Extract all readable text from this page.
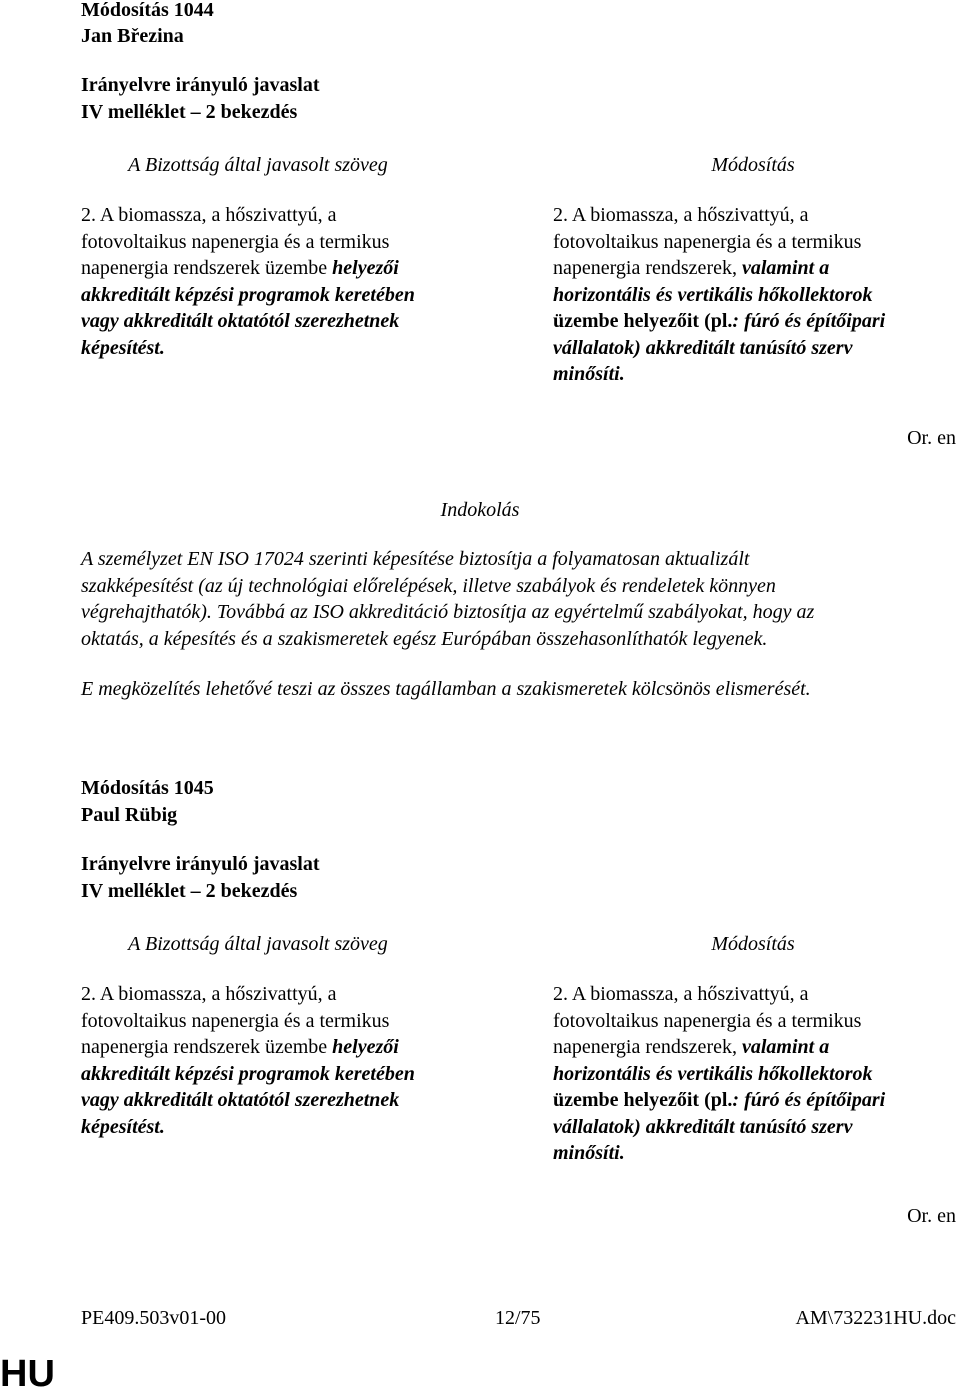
Módosítás 1044
Jan Březina
Irányelvre irányuló javaslat
IV melléklet – 2 bekezdés
A Bizottság által javasolt szöveg	Módosítás
2. A biomassza, a hőszivattyú, a
fotovoltaikus napenergia és a termikus
napenergia rendszerek üzembe helyezői
akkreditált képzési programok keretében
vagy akkreditált oktatótól szerezhetnek
képesítést.
2. A biomassza, a hőszivattyú, a
fotovoltaikus napenergia és a termikus
napenergia rendszerek, valamint a
horizontális és vertikális hőkollektorok
üzembe helyezőit (pl.: fúró és építőipari
vállalatok) akkreditált tanúsító szerv
minősíti.
Or. en
Indokolás
A személyzet EN ISO 17024 szerinti képesítése biztosítja a folyamatosan aktualizált
szakképesítést (az új technológiai előrelépések, illetve szabályok és rendeletek könnyen
végrehajthatók). Továbbá az ISO akkreditáció biztosítja az egyértelmű szabályokat, hogy az
oktatás, a képesítés és a szakismeretek egész Európában összehasonlíthatók legyenek.
E megközelítés lehetővé teszi az összes tagállamban a szakismeretek kölcsönös elismerését.
Módosítás 1045
Paul Rübig
Irányelvre irányuló javaslat
IV melléklet – 2 bekezdés
A Bizottság által javasolt szöveg	Módosítás
2. A biomassza, a hőszivattyú, a
fotovoltaikus napenergia és a termikus
napenergia rendszerek üzembe helyezői
akkreditált képzési programok keretében
vagy akkreditált oktatótól szerezhetnek
képesítést.
2. A biomassza, a hőszivattyú, a
fotovoltaikus napenergia és a termikus
napenergia rendszerek, valamint a
horizontális és vertikális hőkollektorok
üzembe helyezőit (pl.: fúró és építőipari
vállalatok) akkreditált tanúsító szerv
minősíti.
Or. en
PE409.503v01-00	12/75	AM\732231HU.doc
HU
